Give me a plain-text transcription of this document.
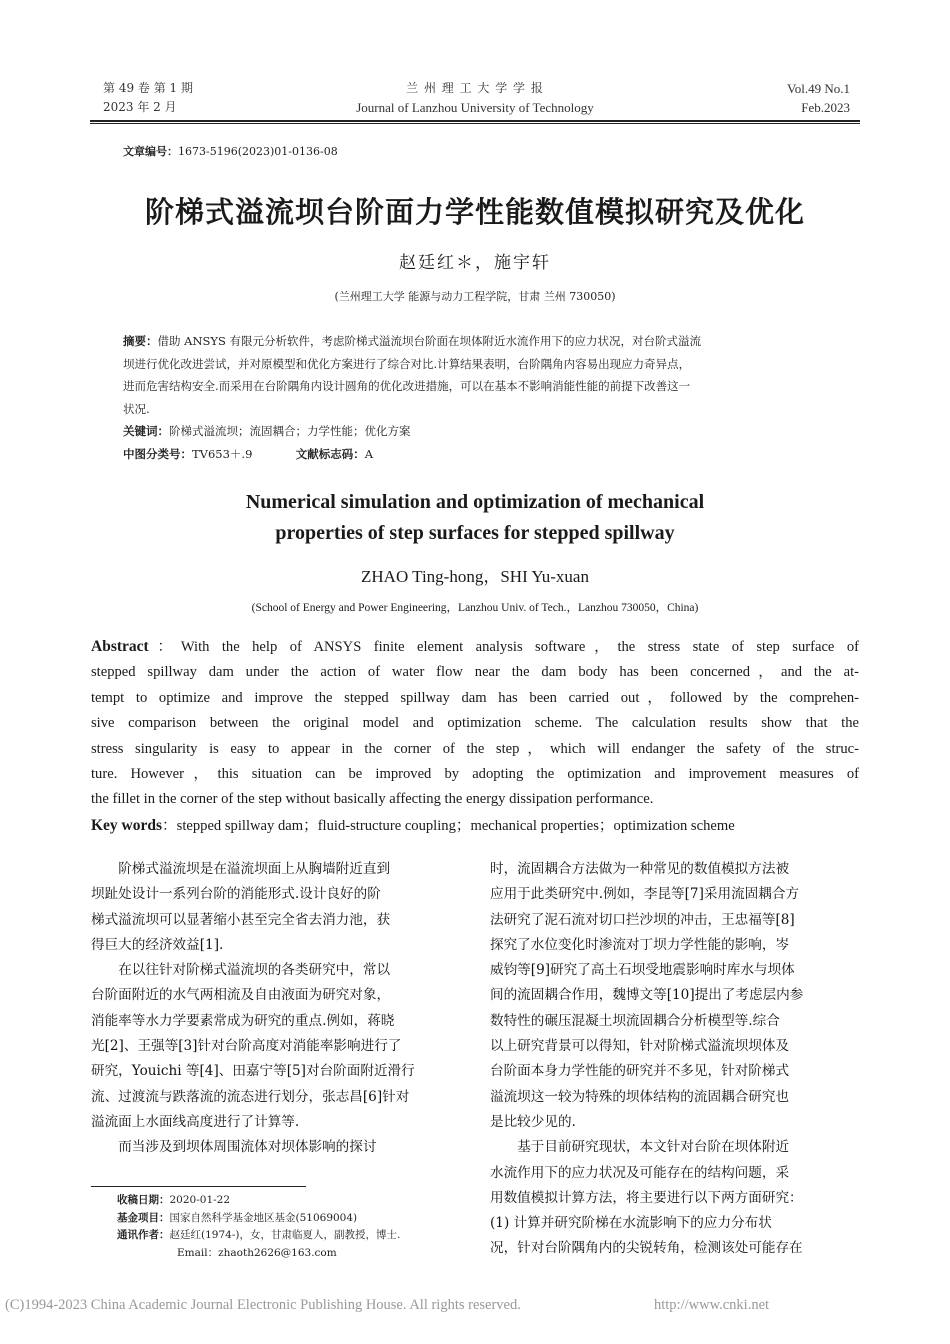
第 49 卷 第 1 期
2023 年 2 月
兰 州 理 工 大 学 学 报
Journal of Lanzhou University of Technology
Vol.49 No.1
Feb.2023
文章编号：1673-5196(2023)01-0136-08
阶梯式溢流坝台阶面力学性能数值模拟研究及优化
赵廷红＊，施宇轩
(兰州理工大学 能源与动力工程学院，甘肃 兰州 730050)
摘要：借助 ANSYS 有限元分析软件，考虑阶梯式溢流坝台阶面在坝体附近水流作用下的应力状况，对台阶式溢流
坝进行优化改进尝试，并对原模型和优化方案进行了综合对比.计算结果表明，台阶隅角内容易出现应力奇异点，
进而危害结构安全.而采用在台阶隅角内设计圆角的优化改进措施，可以在基本不影响消能性能的前提下改善这一
状况.
关键词：阶梯式溢流坝；流固耦合；力学性能；优化方案
中图分类号：TV653＋.9	文献标志码：A
Numerical simulation and optimization of mechanical
properties of step surfaces for stepped spillway
ZHAO Ting-hong，SHI Yu-xuan
(School of Energy and Power Engineering，Lanzhou Univ. of Tech.，Lanzhou 730050，China)
Abstract：With the help of ANSYS finite element analysis software，the stress state of step surface of
stepped spillway dam under the action of water flow near the dam body has been concerned，and the at-
tempt to optimize and improve the stepped spillway dam has been carried out，followed by the comprehen-
sive comparison between the original model and optimization scheme. The calculation results show that the
stress singularity is easy to appear in the corner of the step，which will endanger the safety of the struc-
ture. However，this situation can be improved by adopting the optimization and improvement measures of
the fillet in the corner of the step without basically affecting the energy dissipation performance.
Key words：stepped spillway dam；fluid-structure coupling；mechanical properties；optimization scheme
阶梯式溢流坝是在溢流坝面上从胸墙附近直到
坝趾处设计一系列台阶的消能形式.设计良好的阶
梯式溢流坝可以显著缩小甚至完全省去消力池，获
得巨大的经济效益[1].
在以往针对阶梯式溢流坝的各类研究中，常以
台阶面附近的水气两相流及自由液面为研究对象，
消能率等水力学要素常成为研究的重点.例如，蒋晓
光[2]、王强等[3]针对台阶高度对消能率影响进行了
研究，Youichi 等[4]、田嘉宁等[5]对台阶面附近滑行
流、过渡流与跌落流的流态进行划分，张志昌[6]针对
溢流面上水面线高度进行了计算等.
而当涉及到坝体周围流体对坝体影响的探讨
时，流固耦合方法做为一种常见的数值模拟方法被
应用于此类研究中.例如，李昆等[7]采用流固耦合方
法研究了泥石流对切口拦沙坝的冲击，王忠福等[8]
探究了水位变化时渗流对丁坝力学性能的影响，岑
威钧等[9]研究了高土石坝受地震影响时库水与坝体
间的流固耦合作用，魏博文等[10]提出了考虑层内参
数特性的碾压混凝土坝流固耦合分析模型等.综合
以上研究背景可以得知，针对阶梯式溢流坝坝体及
台阶面本身力学性能的研究并不多见，针对阶梯式
溢流坝这一较为特殊的坝体结构的流固耦合研究也
是比较少见的.
基于目前研究现状，本文针对台阶在坝体附近
水流作用下的应力状况及可能存在的结构问题，采
用数值模拟计算方法，将主要进行以下两方面研究：
(1) 计算并研究阶梯在水流影响下的应力分布状
况，针对台阶隅角内的尖锐转角，检测该处可能存在
收稿日期：2020-01-22
基金项目：国家自然科学基金地区基金(51069004)
通讯作者：赵廷红(1974-)，女，甘肃临夏人，副教授，博士.
Email：zhaoth2626@163.com
(C)1994-2023 China Academic Journal Electronic Publishing House. All rights reserved.	http://www.cnki.net
